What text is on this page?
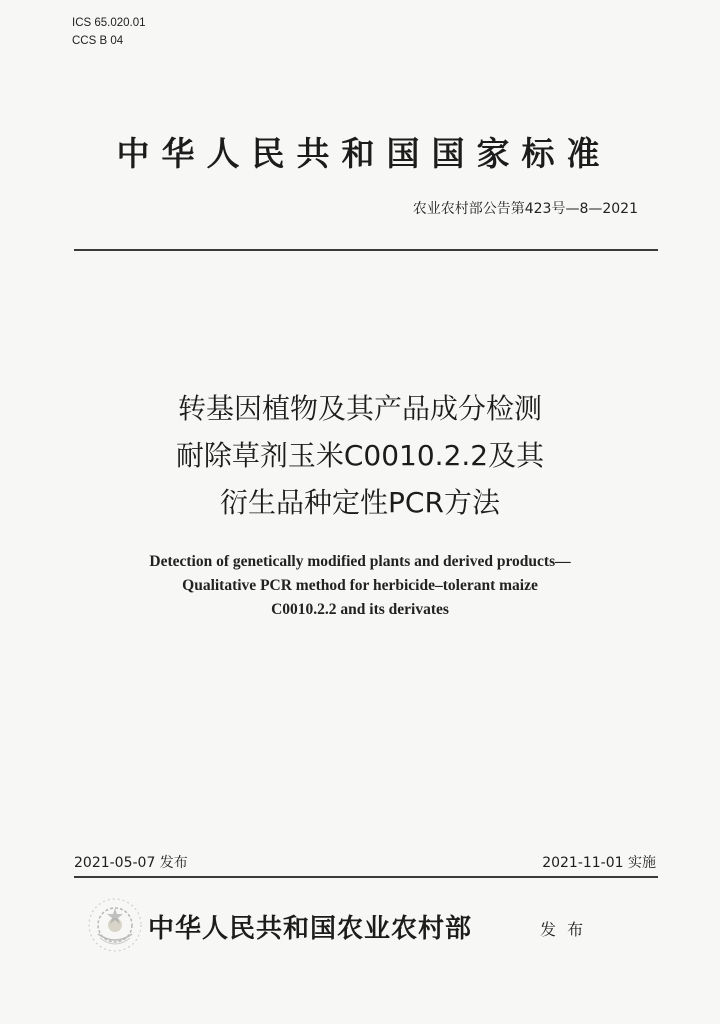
ICS 65.020.01
CCS B 04
中华人民共和国国家标准
农业农村部公告第423号—8—2021
转基因植物及其产品成分检测
耐除草剂玉米C0010.2.2及其
衍生品种定性PCR方法
Detection of genetically modified plants and derived products—
Qualitative PCR method for herbicide–tolerant maize
C0010.2.2 and its derivates
2021-05-07 发布	2021-11-01 实施
中华人民共和国农业农村部	发 布
